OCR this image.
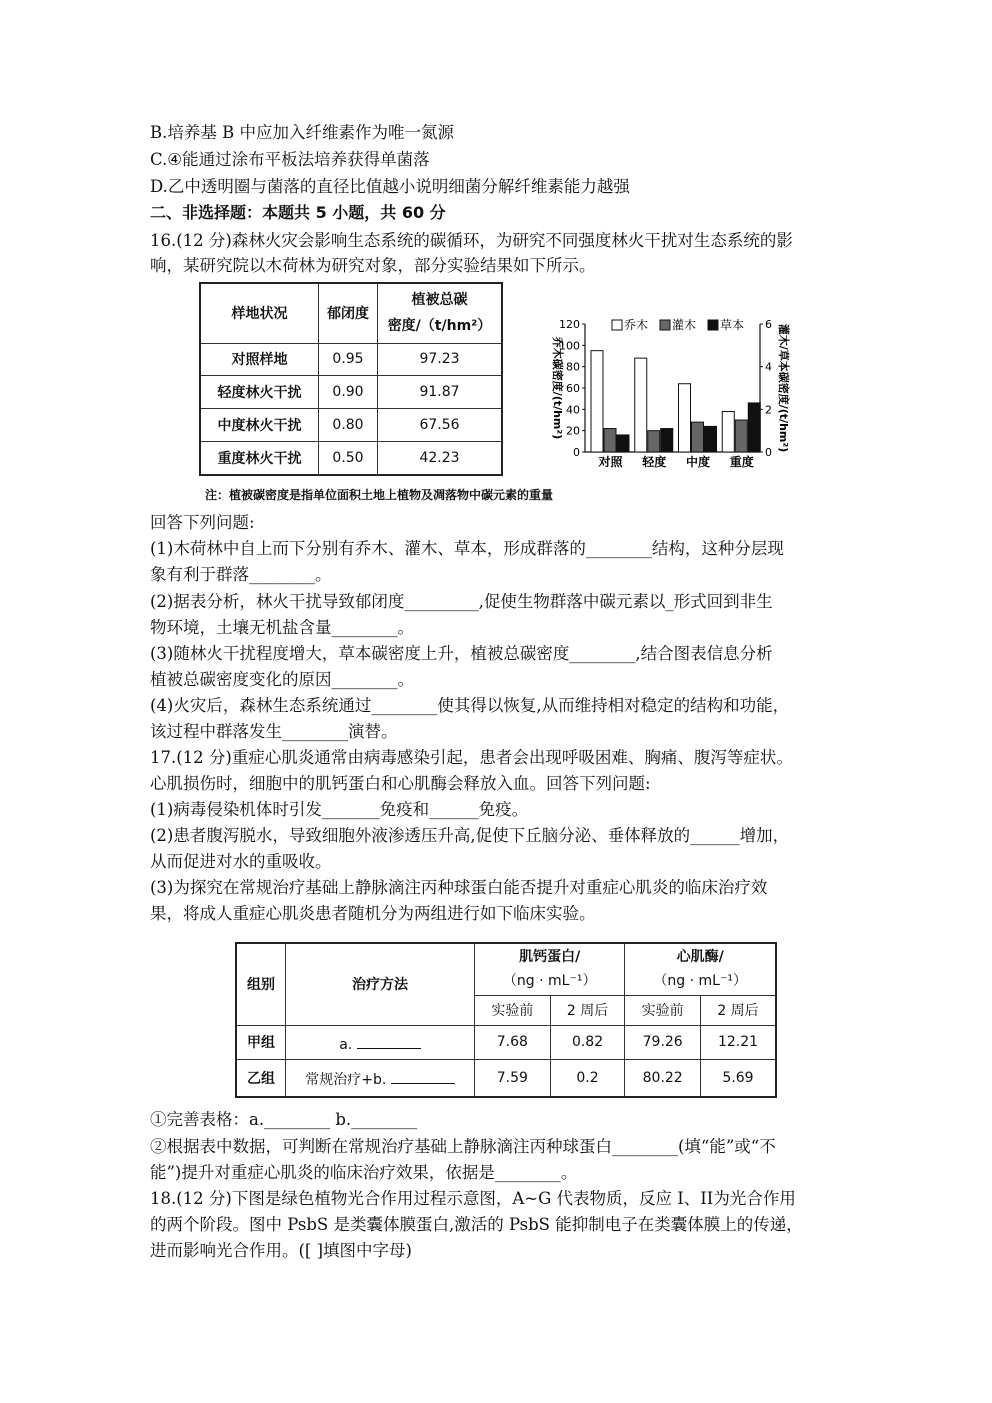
B.培养基 B 中应加入纤维素作为唯一氮源
C.④能通过涂布平板法培养获得单菌落
D.乙中透明圈与菌落的直径比值越小说明细菌分解纤维素能力越强
二、非选择题：本题共 5 小题，共 60 分
16.(12 分)森林火灾会影响生态系统的碳循环，为研究不同强度林火干扰对生态系统的影
响，某研究院以木荷林为研究对象，部分实验结果如下所示。
样地状况	郁闭度	植被总碳
密度/（t/hm²）
对照样地	0.95	97.23
轻度林火干扰	0.90	91.87
中度林火干扰	0.80	67.56
重度林火干扰	0.50	42.23	0
20
40
60
80
100
120
0
2
4
6
乔木碳密度/(t/hm²)	灌木/草本碳密度/(t/hm²)
对照 轻度 中度 重度
乔木 灌木 草本
注：植被碳密度是指单位面积土地上植物及凋落物中碳元素的重量
回答下列问题:
(1)木荷林中自上而下分别有乔木、灌木、草本，形成群落的________结构，这种分层现
象有利于群落________。
(2)据表分析，林火干扰导致郁闭度_________,促使生物群落中碳元素以_形式回到非生
物环境，土壤无机盐含量________。
(3)随林火干扰程度增大，草本碳密度上升，植被总碳密度________,结合图表信息分析
植被总碳密度变化的原因________。
(4)火灾后，森林生态系统通过________使其得以恢复,从而维持相对稳定的结构和功能，
该过程中群落发生________演替。
17.(12 分)重症心肌炎通常由病毒感染引起，患者会出现呼吸困难、胸痛、腹泻等症状。
心肌损伤时，细胞中的肌钙蛋白和心肌酶会释放入血。回答下列问题:
(1)病毒侵染机体时引发_______免疫和______免疫。
(2)患者腹泻脱水，导致细胞外液渗透压升高,促使下丘脑分泌、垂体释放的______增加，
从而促进对水的重吸收。
(3)为探究在常规治疗基础上静脉滴注丙种球蛋白能否提升对重症心肌炎的临床治疗效
果，将成人重症心肌炎患者随机分为两组进行如下临床实验。
组别	治疗方法	肌钙蛋白/
（ng · mL⁻¹）		心肌酶/
（ng · mL⁻¹）	
		实验前	2 周后	实验前	2 周后
甲组	a.	7.68	0.82	79.26	12.21
乙组	常规治疗+b.	7.59	0.2	80.22	5.69
①完善表格：a.________ b.________
②根据表中数据，可判断在常规治疗基础上静脉滴注丙种球蛋白________(填“能”或“不
能”)提升对重症心肌炎的临床治疗效果，依据是________。
18.(12 分)下图是绿色植物光合作用过程示意图，A~G 代表物质，反应 I、II为光合作用
的两个阶段。图中 PsbS 是类囊体膜蛋白,激活的 PsbS 能抑制电子在类囊体膜上的传递，
进而影响光合作用。([ ]填图中字母)
